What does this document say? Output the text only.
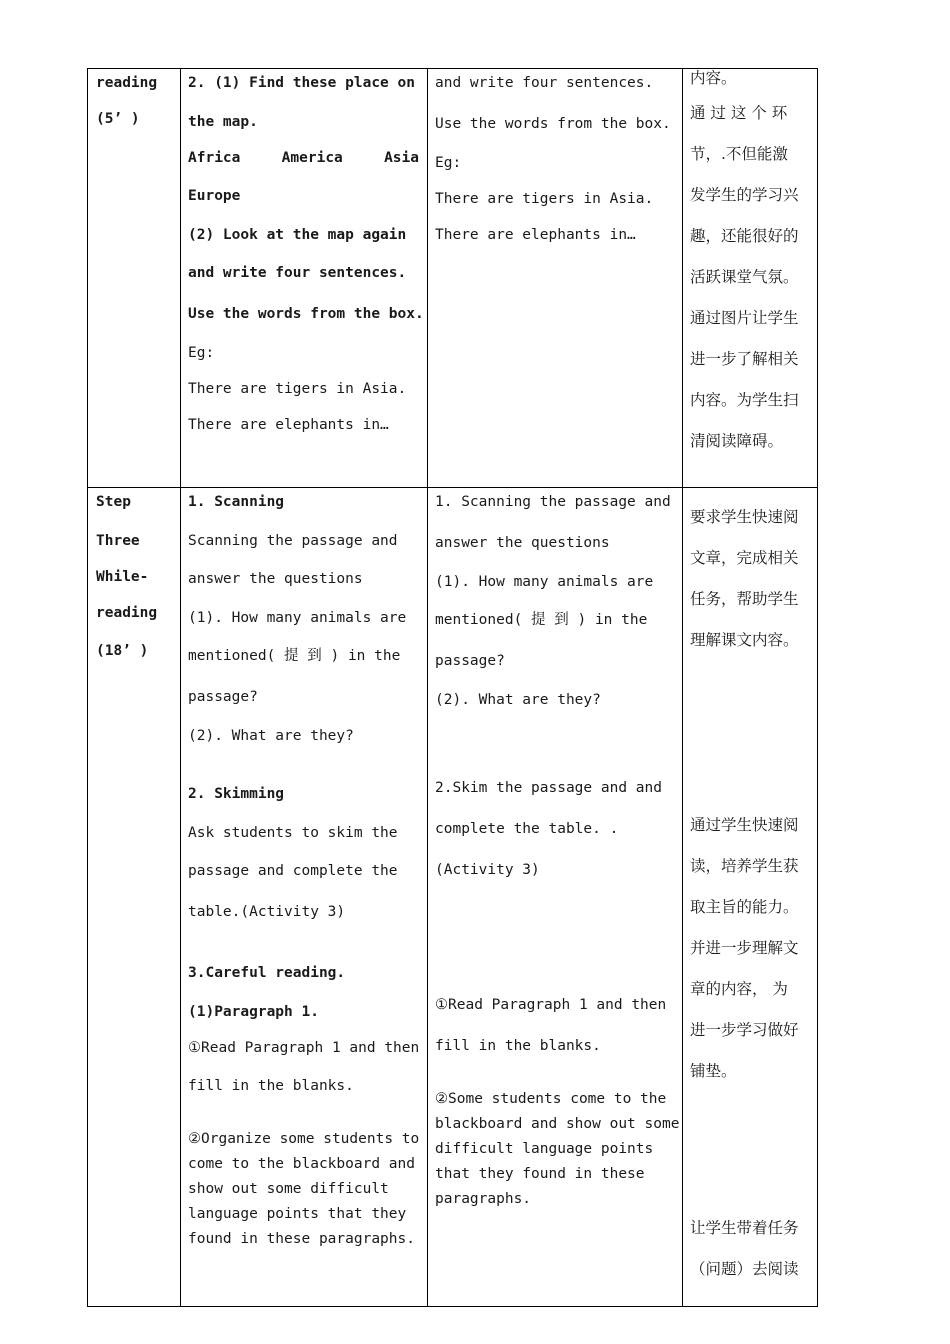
reading
(5’ )
2. (1) Find these place on
the map.
Africa	America	Asia
Europe
(2) Look at the map again
and write four sentences.
Use the words from the box.
Eg:
There are tigers in Asia.
There are elephants in…
and write four sentences.
Use the words from the box.
Eg:
There are tigers in Asia.
There are elephants in…
内容。
通 过 这 个 环
节，.不但能激
发学生的学习兴
趣，还能很好的
活跃课堂气氛。
通过图片让学生
进一步了解相关
内容。为学生扫
清阅读障碍。
Step
Three
While-
reading
(18’ )
1. Scanning
Scanning the passage and
answer the questions
(1). How many animals are
mentioned( 提 到 ) in the
passage?
(2). What are they?
2. Skimming
Ask students to skim the
passage and complete the
table.(Activity 3)
3.Careful reading.
(1)Paragraph 1.
①Read Paragraph 1 and then
fill in the blanks.
②Organize some students to
come to the blackboard and
show out some difficult
language points that they
found in these paragraphs.
1. Scanning the passage and
answer the questions
(1). How many animals are
mentioned( 提 到 ) in the
passage?
(2). What are they?
2.Skim the passage and and
complete the table. .
(Activity 3)
①Read Paragraph 1 and then
fill in the blanks.
②Some students come to the
blackboard and show out some
difficult language points
that they found in these
paragraphs.
要求学生快速阅
文章，完成相关
任务，帮助学生
理解课文内容。
通过学生快速阅
读，培养学生获
取主旨的能力。
并进一步理解文
章的内容， 为
进一步学习做好
铺垫。
让学生带着任务
（问题）去阅读
